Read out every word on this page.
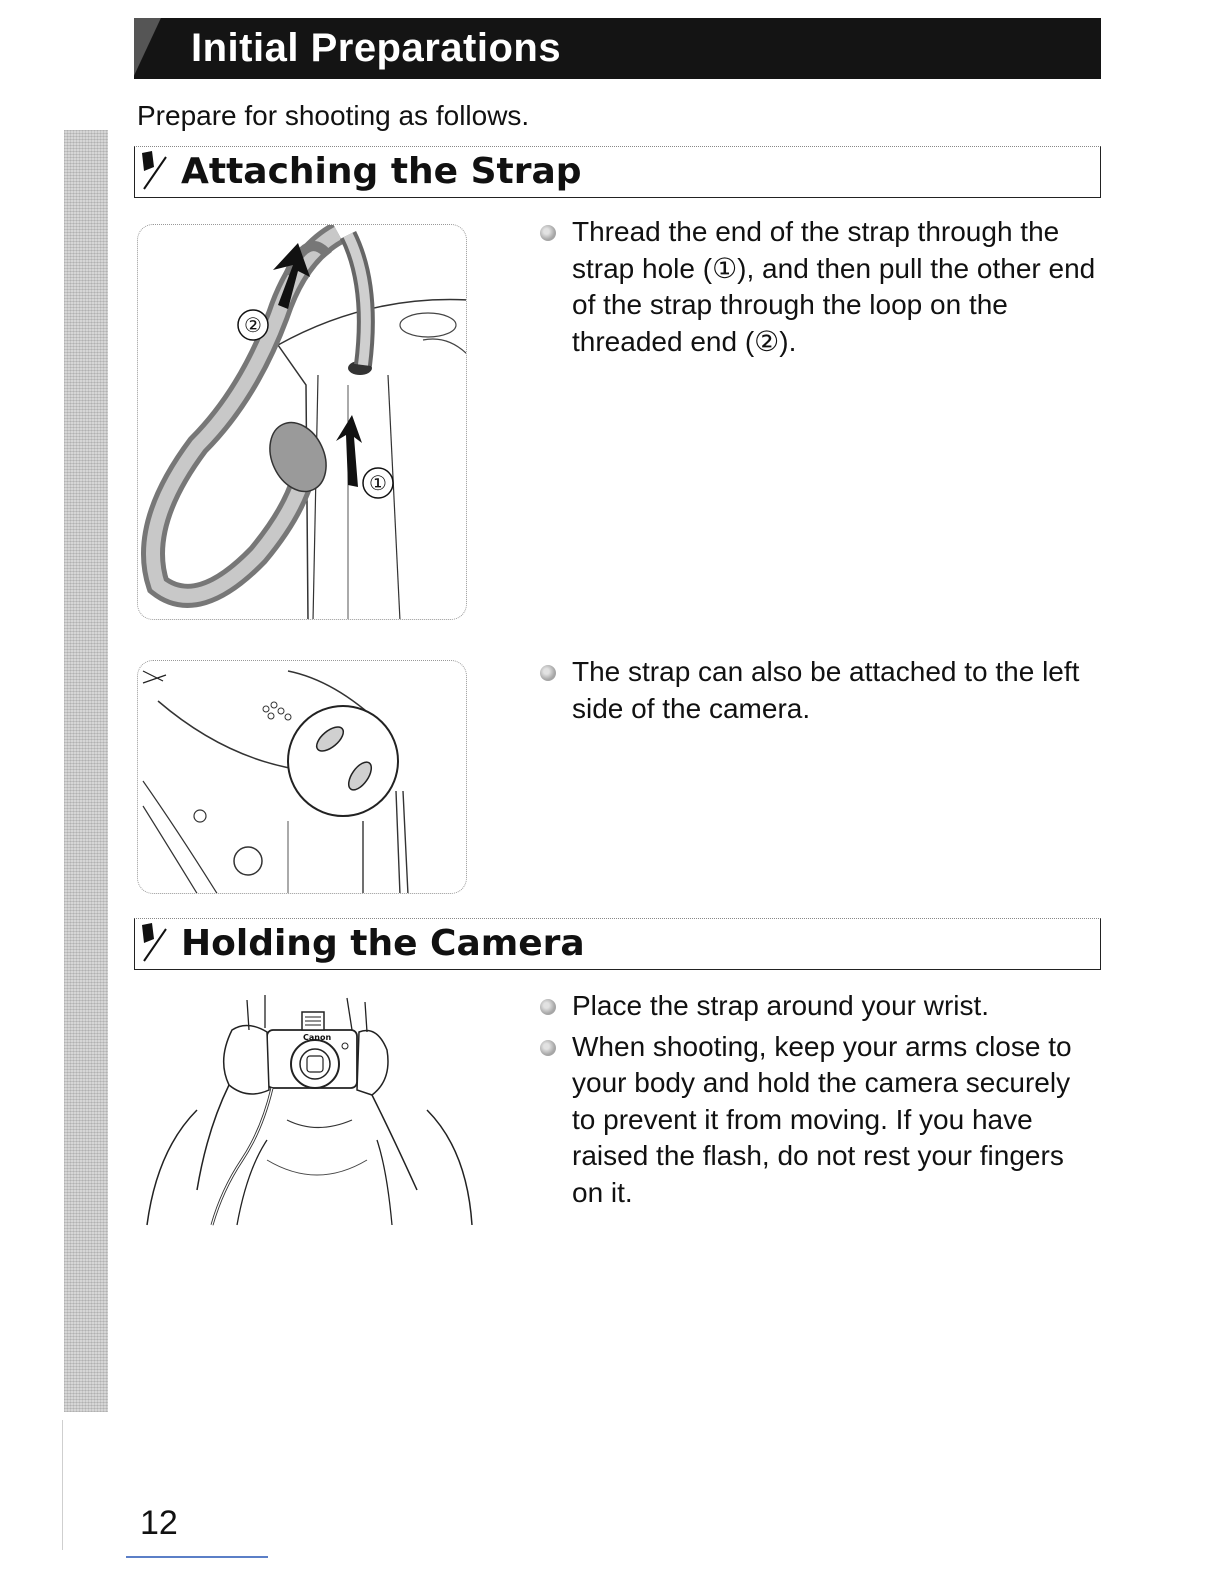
Initial Preparations
Prepare for shooting as follows.
Attaching the Strap
②
①
Thread the end of the strap through the strap hole (①), and then pull the other end of the strap through the loop on the threaded end (②).
The strap can also be attached to the left side of the camera.
Holding the Camera
Canon
Place the strap around your wrist.
When shooting, keep your arms close to your body and hold the camera securely to prevent it from moving. If you have raised the flash, do not rest your fingers on it.
12
